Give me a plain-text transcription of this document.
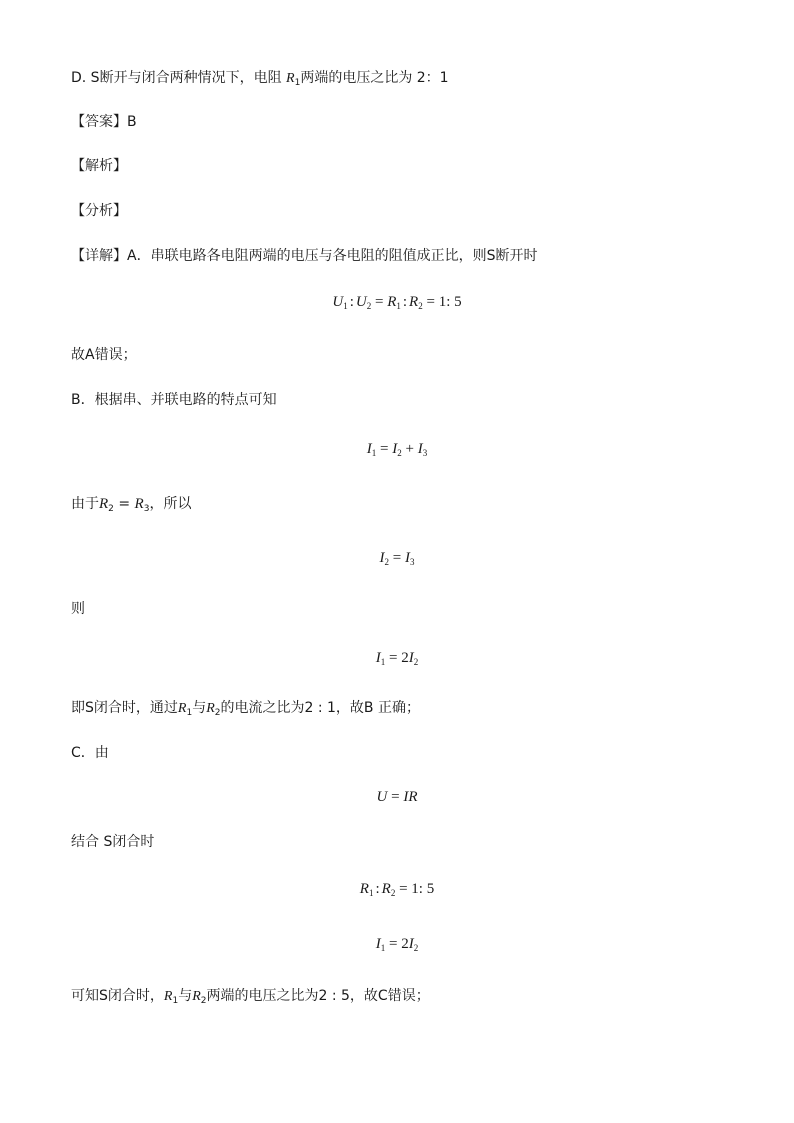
D. S断开与闭合两种情况下，电阻 $R_1$两端的电压之比为 2：1
【答案】B
【解析】
【分析】
【详解】A．串联电路各电阻两端的电压与各电阻的阻值成正比，则S断开时
$U_1$ : $U_2 = R_1$ : $R_2 = 1$: 5
故A错误；
B．根据串、并联电路的特点可知
$I_1 = I_2 + I_3$
由于$R_2 = R_3$，所以
$I_2 = I_3$
则
$I_1 = 2I_2$
即S闭合时，通过$R_1$与$R_2$的电流之比为2 : 1，故B 正确；
C．由
U = IR
结合 S闭合时
$R_1$ : $R_2 = 1$: 5
$I_1 = 2I_2$
可知S闭合时，$R_1$与$R_2$两端的电压之比为2 : 5，故C错误；
